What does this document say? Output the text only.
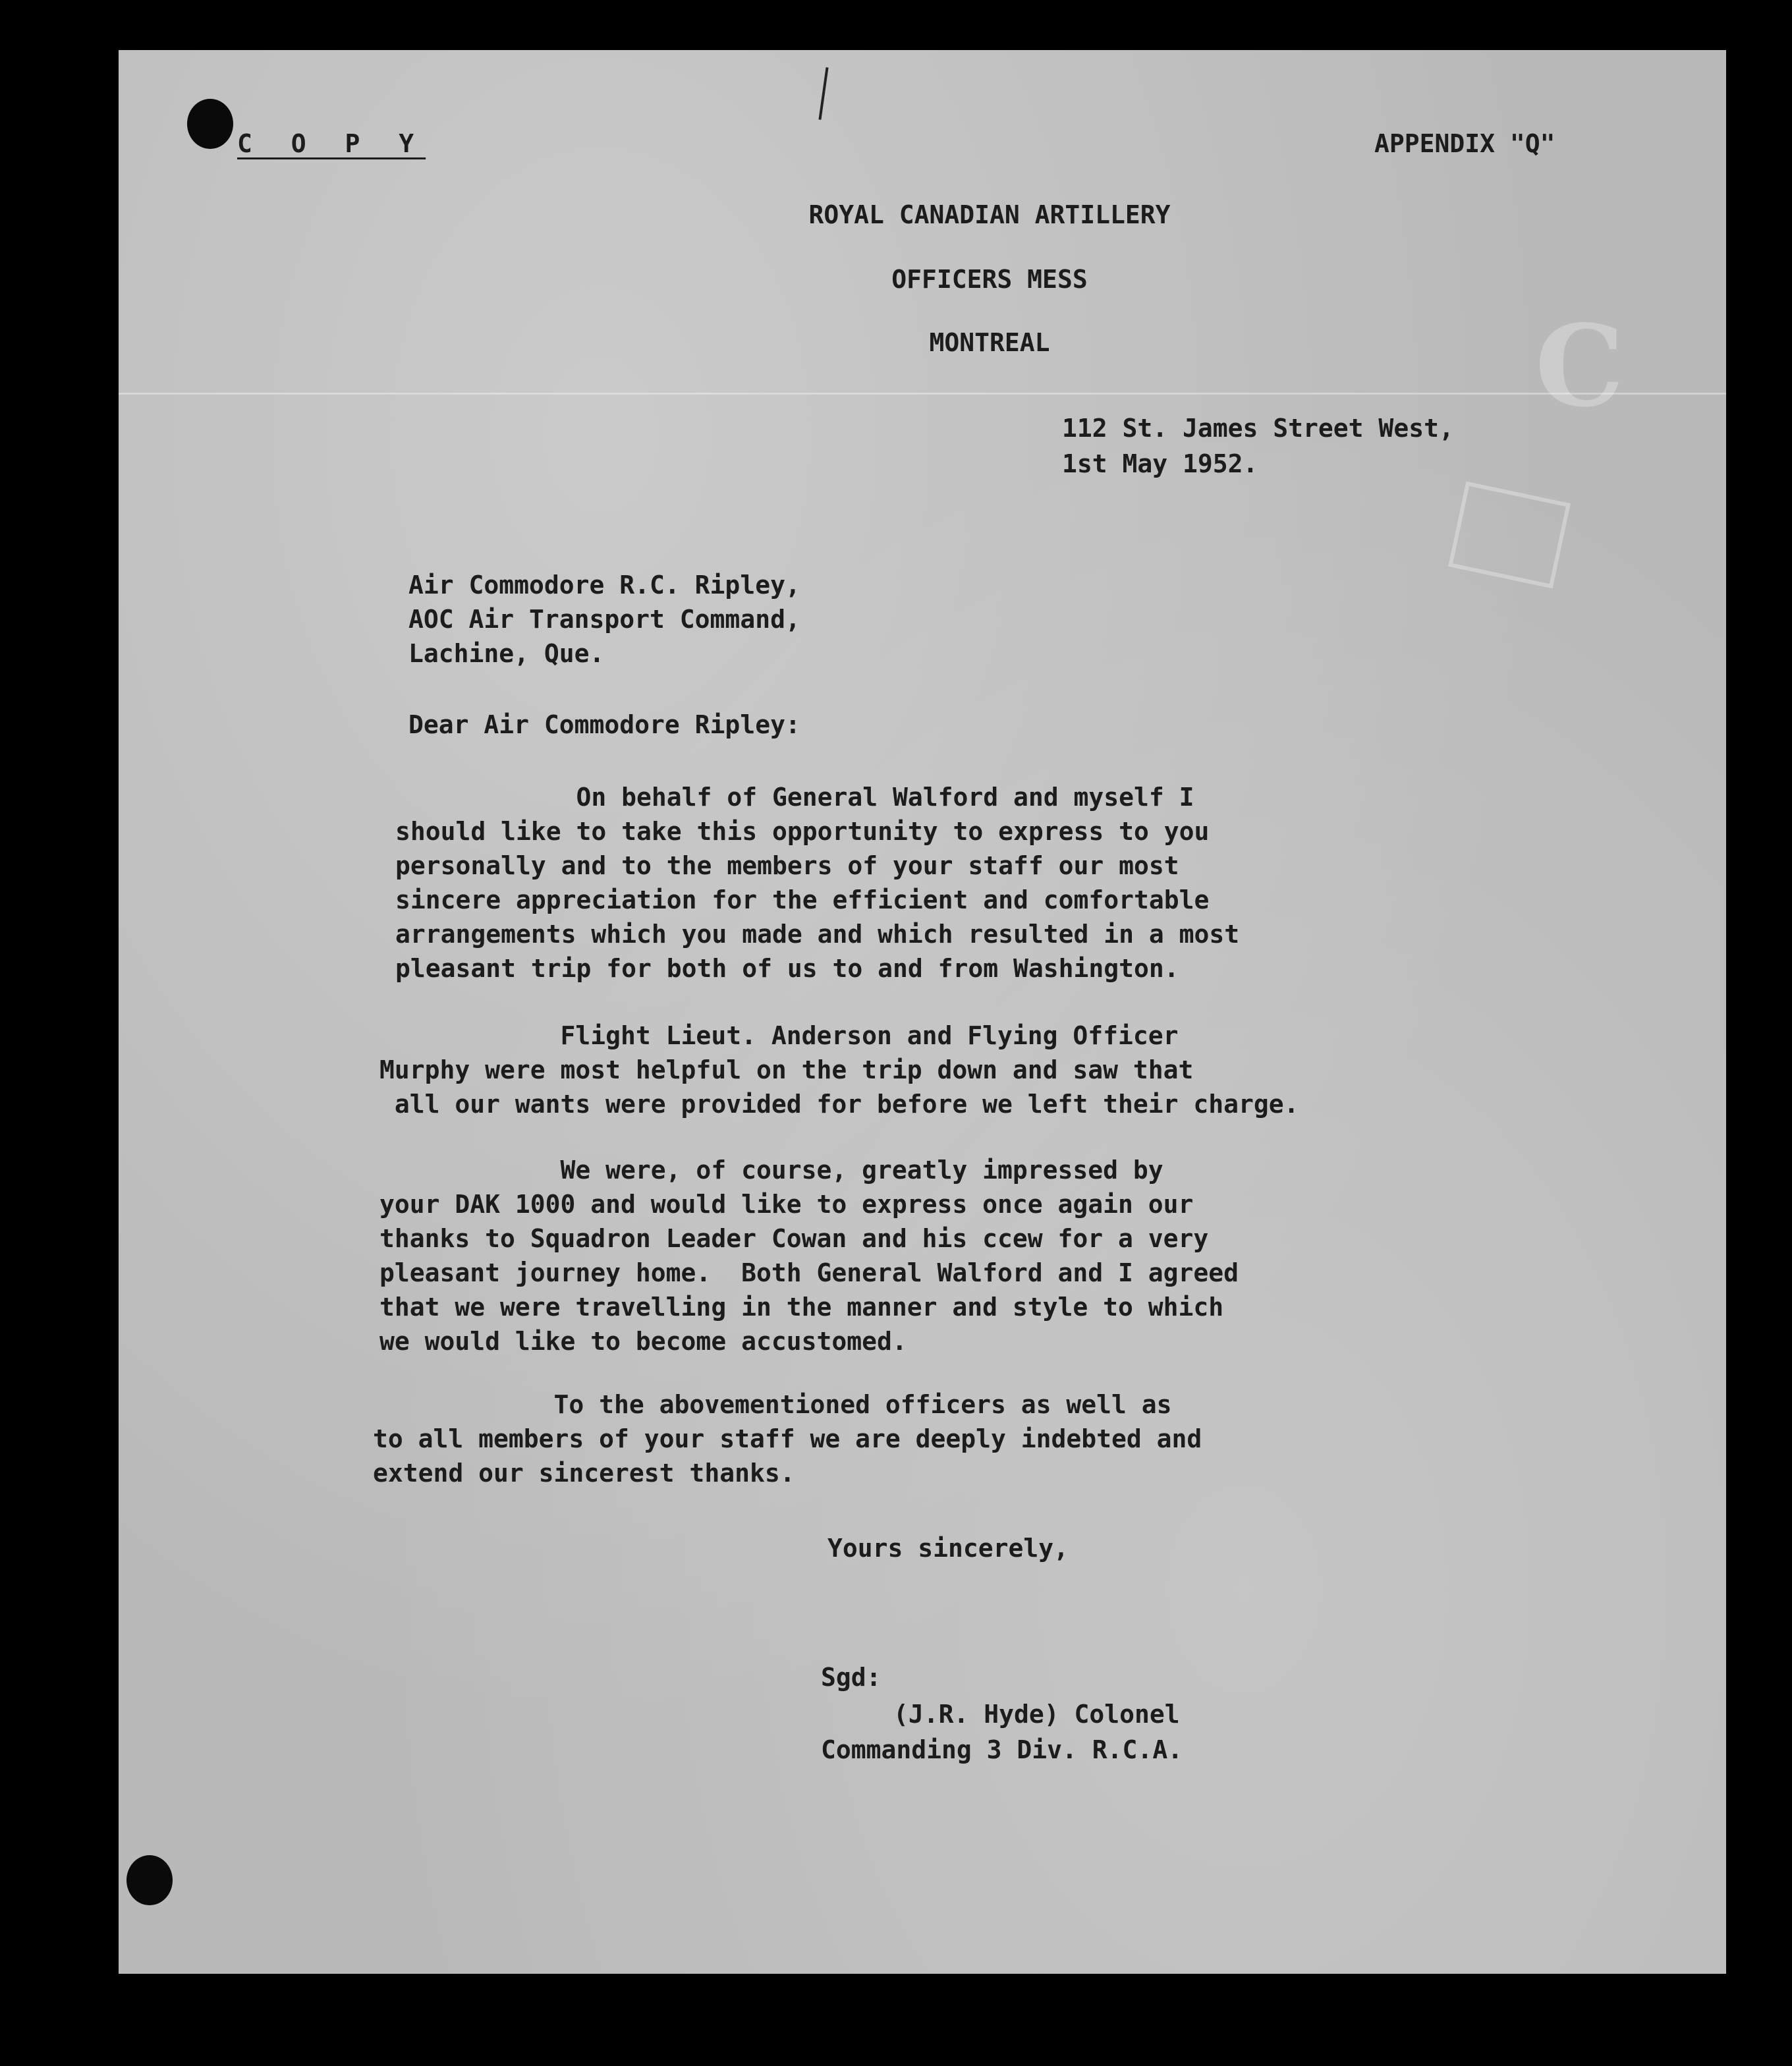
C
C O P Y	APPENDIX "Q"
ROYAL CANADIAN ARTILLERY
OFFICERS MESS
MONTREAL
112 St. James Street West,
1st May 1952.
Air Commodore R.C. Ripley,
AOC Air Transport Command,
Lachine, Que.
Dear Air Commodore Ripley:
On behalf of General Walford and myself I
should like to take this opportunity to express to you
personally and to the members of your staff our most
sincere appreciation for the efficient and comfortable
arrangements which you made and which resulted in a most
pleasant trip for both of us to and from Washington.
Flight Lieut. Anderson and Flying Officer
Murphy were most helpful on the trip down and saw that
all our wants were provided for before we left their charge.
We were, of course, greatly impressed by
your DAK 1000 and would like to express once again our
thanks to Squadron Leader Cowan and his ccew for a very
pleasant journey home.  Both General Walford and I agreed
that we were travelling in the manner and style to which
we would like to become accustomed.
To the abovementioned officers as well as
to all members of your staff we are deeply indebted and
extend our sincerest thanks.
Yours sincerely,
Sgd:
(J.R. Hyde) Colonel
Commanding 3 Div. R.C.A.
